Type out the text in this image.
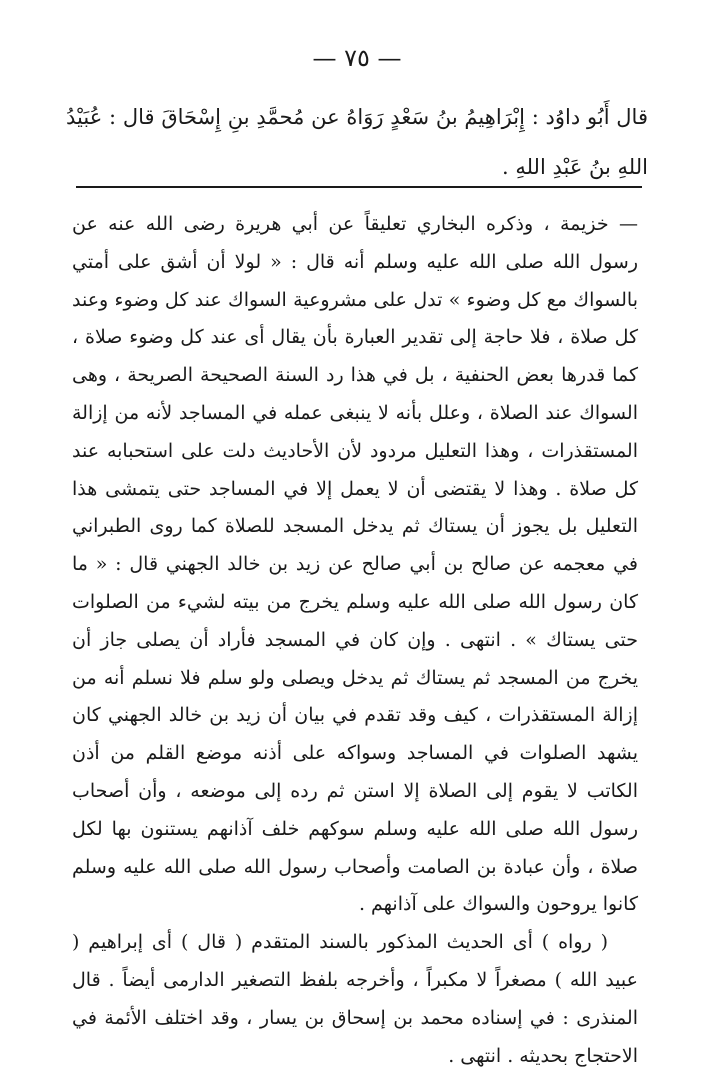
— ٧٥ —

قال أَبُو داوُد : إِبْرَاهِيمُ بنُ سَعْدٍ رَوَاهُ عن مُحمَّدِ بنِ إِسْحَاقَ قال : عُبَيْدُ اللهِ بنُ عَبْدِ اللهِ .

— خزيمة ، وذكره البخاري تعليقاً عن أبي هريرة رضى الله عنه عن رسول الله صلى الله عليه وسلم أنه قال : « لولا أن أشق على أمتي بالسواك مع كل وضوء » تدل على مشروعية السواك عند كل وضوء وعند كل صلاة ، فلا حاجة إلى تقدير العبارة بأن يقال أى عند كل وضوء صلاة ، كما قدرها بعض الحنفية ، بل في هذا رد السنة الصحيحة الصريحة ، وهى السواك عند الصلاة ، وعلل بأنه لا ينبغى عمله في المساجد لأنه من إزالة المستقذرات ، وهذا التعليل مردود لأن الأحاديث دلت على استحبابه عند كل صلاة . وهذا لا يقتضى أن لا يعمل إلا في المساجد حتى يتمشى هذا التعليل بل يجوز أن يستاك ثم يدخل المسجد للصلاة كما روى الطبراني في معجمه عن صالح بن أبي صالح عن زيد بن خالد الجهني قال : « ما كان رسول الله صلى الله عليه وسلم يخرج من بيته لشيء من الصلوات حتى يستاك » . انتهى . وإن كان في المسجد فأراد أن يصلى جاز أن يخرج من المسجد ثم يستاك ثم يدخل ويصلى ولو سلم فلا نسلم أنه من إزالة المستقذرات ، كيف وقد تقدم في بيان أن زيد بن خالد الجهني كان يشهد الصلوات في المساجد وسواكه على أذنه موضع القلم من أذن الكاتب لا يقوم إلى الصلاة إلا استن ثم رده إلى موضعه ، وأن أصحاب رسول الله صلى الله عليه وسلم سوكهم خلف آذانهم يستنون بها لكل صلاة ، وأن عبادة بن الصامت وأصحاب رسول الله صلى الله عليه وسلم كانوا يروحون والسواك على آذانهم .

( رواه ) أى الحديث المذكور بالسند المتقدم ( قال ) أى إبراهيم ( عبيد الله ) مصغراً لا مكبراً ، وأخرجه بلفظ التصغير الدارمى أيضاً . قال المنذرى : في إسناده محمد بن إسحاق بن يسار ، وقد اختلف الأئمة في الاحتجاج بحديثه . انتهى .
